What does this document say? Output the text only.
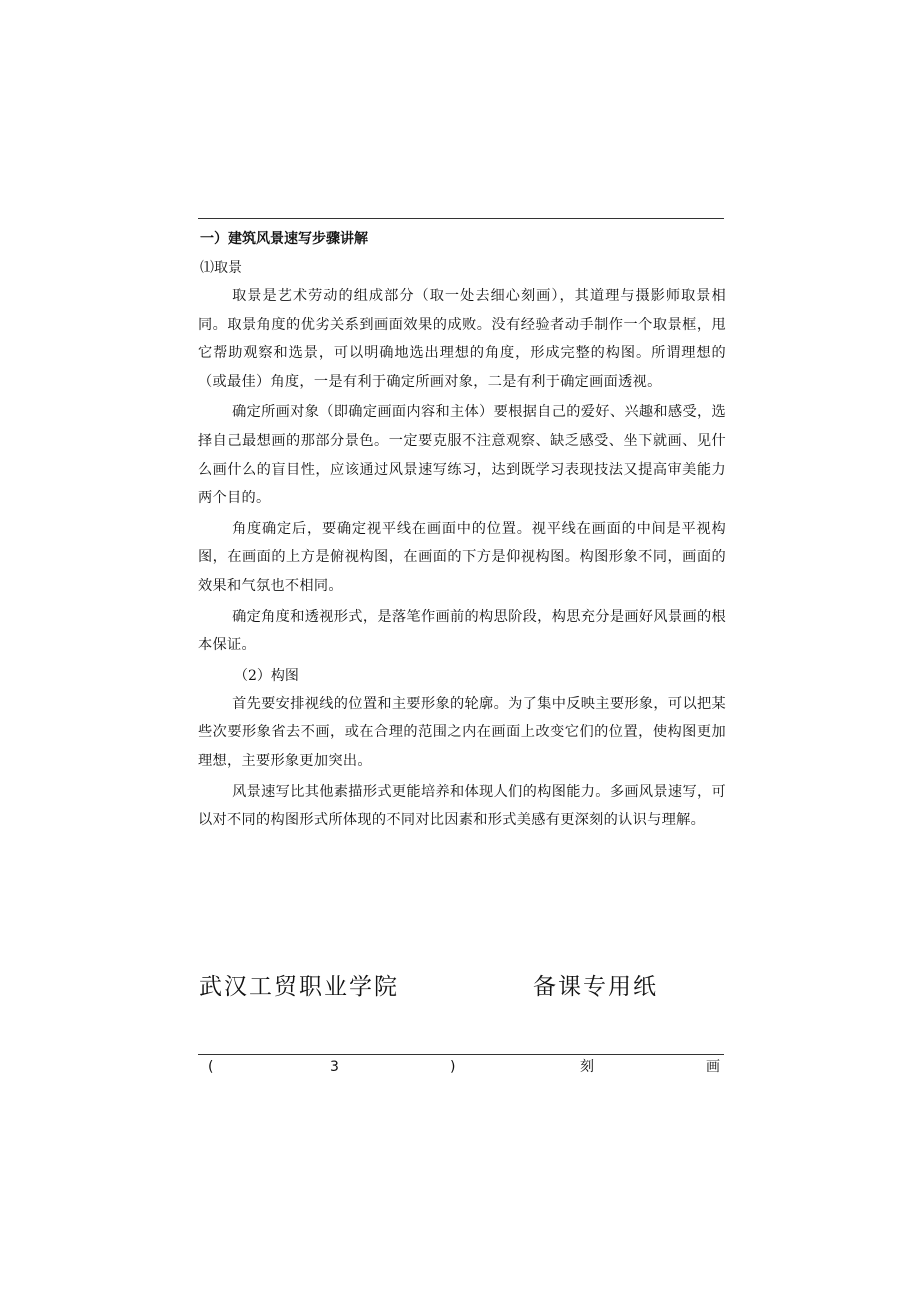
一）建筑风景速写步骤讲解

⑴取景

取景是艺术劳动的组成部分（取一处去细心刻画），其道理与摄影师取景相同。取景角度的优劣关系到画面效果的成败。没有经验者动手制作一个取景框，甩它帮助观察和选景，可以明确地选出理想的角度，形成完整的构图。所谓理想的（或最佳）角度，一是有利于确定所画对象，二是有利于确定画面透视。

确定所画对象（即确定画面内容和主体）要根据自己的爱好、兴趣和感受，选择自己最想画的那部分景色。一定要克服不注意观察、缺乏感受、坐下就画、见什么画什么的盲目性，应该通过风景速写练习，达到既学习表现技法又提高审美能力两个目的。

角度确定后，要确定视平线在画面中的位置。视平线在画面的中间是平视构图，在画面的上方是俯视构图，在画面的下方是仰视构图。构图形象不同，画面的效果和气氛也不相同。

确定角度和透视形式，是落笔作画前的构思阶段，构思充分是画好风景画的根本保证。

（2）构图

首先要安排视线的位置和主要形象的轮廓。为了集中反映主要形象，可以把某些次要形象省去不画，或在合理的范围之内在画面上改变它们的位置，使构图更加理想，主要形象更加突出。

风景速写比其他素描形式更能培养和体现人们的构图能力。多画风景速写，可以对不同的构图形式所体现的不同对比因素和形式美感有更深刻的认识与理解。

武汉工贸职业学院	备课专用纸

(	3	)	刻	画
